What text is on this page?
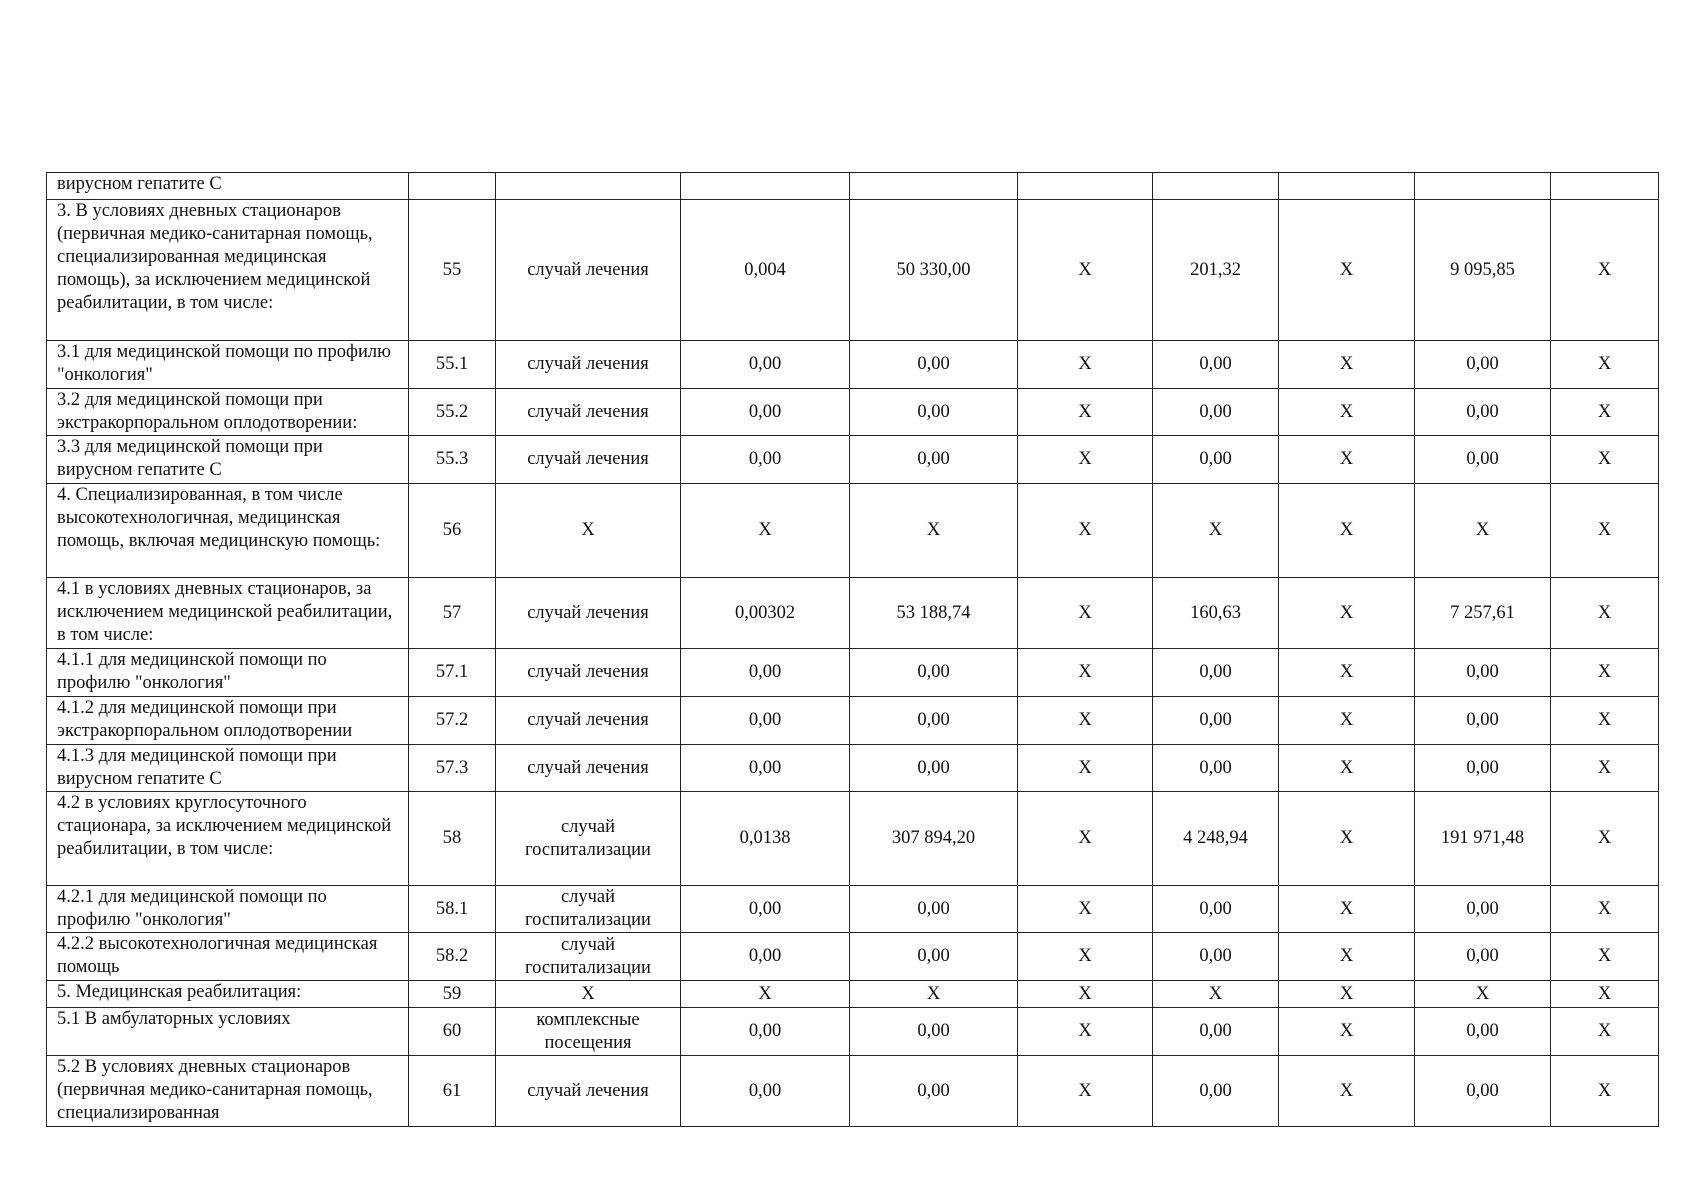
вирусном гепатите С									
3. В условиях дневных стационаров (первичная медико-санитарная помощь, специализированная медицинская помощь), за исключением медицинской реабилитации, в том числе:	55	случай лечения	0,004	50 330,00	Х	201,32	Х	9 095,85	Х
3.1 для медицинской помощи по профилю "онкология"	55.1	случай лечения	0,00	0,00	Х	0,00	Х	0,00	Х
3.2 для медицинской помощи при экстракорпоральном оплодотворении:	55.2	случай лечения	0,00	0,00	Х	0,00	Х	0,00	Х
3.3 для медицинской помощи при вирусном гепатите С	55.3	случай лечения	0,00	0,00	Х	0,00	Х	0,00	Х
4. Специализированная, в том числе высокотехнологичная, медицинская помощь, включая медицинскую помощь:	56	Х	Х	Х	Х	Х	Х	Х	Х
4.1 в условиях дневных стационаров, за исключением медицинской реабилитации, в том числе:	57	случай лечения	0,00302	53 188,74	Х	160,63	Х	7 257,61	Х
4.1.1 для медицинской помощи по профилю "онкология"	57.1	случай лечения	0,00	0,00	Х	0,00	Х	0,00	Х
4.1.2 для медицинской помощи при экстракорпоральном оплодотворении	57.2	случай лечения	0,00	0,00	Х	0,00	Х	0,00	Х
4.1.3 для медицинской помощи при вирусном гепатите С	57.3	случай лечения	0,00	0,00	Х	0,00	Х	0,00	Х
4.2 в условиях круглосуточного стационара, за исключением медицинской реабилитации, в том числе:	58	случай госпитализации	0,0138	307 894,20	Х	4 248,94	Х	191 971,48	Х
4.2.1 для медицинской помощи по профилю "онкология"	58.1	случай госпитализации	0,00	0,00	Х	0,00	Х	0,00	Х
4.2.2 высокотехнологичная медицинская помощь	58.2	случай госпитализации	0,00	0,00	Х	0,00	Х	0,00	Х
5. Медицинская реабилитация:	59	Х	Х	Х	Х	Х	Х	Х	Х
5.1 В амбулаторных условиях	60	комплексные посещения	0,00	0,00	Х	0,00	Х	0,00	Х
5.2 В условиях дневных стационаров (первичная медико-санитарная помощь, специализированная	61	случай лечения	0,00	0,00	Х	0,00	Х	0,00	Х
